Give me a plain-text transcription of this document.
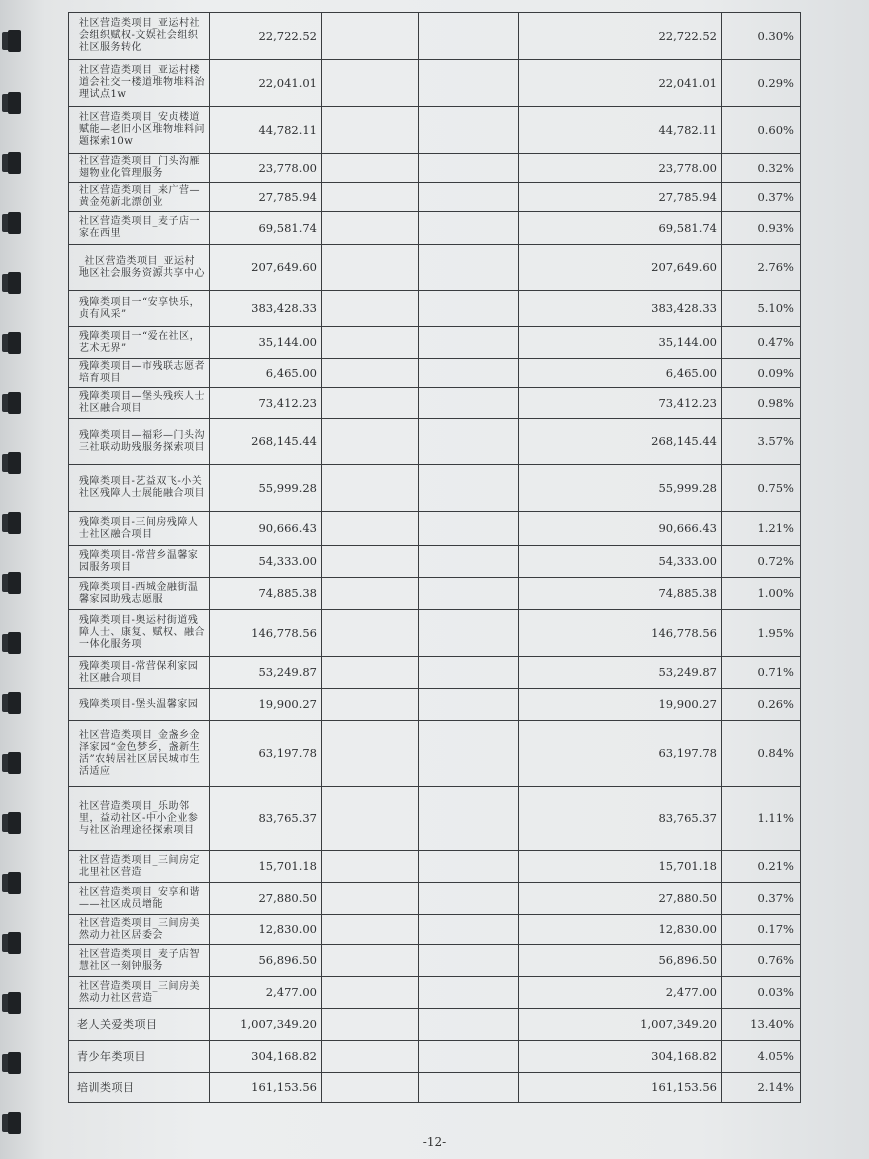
社区营造类项目_亚运村社会组织赋权-文娱社会组织社区服务转化	22,722.52			22,722.52	0.30%
社区营造类项目_亚运村楼道会社交一楼道堆物堆料治理试点1w	22,041.01			22,041.01	0.29%
社区营造类项目_安贞楼道赋能—老旧小区堆物堆料问题探索10w	44,782.11			44,782.11	0.60%
社区营造类项目_门头沟雁翅物业化管理服务	23,778.00			23,778.00	0.32%
社区营造类项目_来广营—黄金苑新北漂创业	27,785.94			27,785.94	0.37%
社区营造类项目_麦子店一家在西里	69,581.74			69,581.74	0.93%
_社区营造类项目_亚运村地区社会服务资源共享中心	207,649.60			207,649.60	2.76%
残障类项目一“安享快乐，贞有风采”	383,428.33			383,428.33	5.10%
残障类项目一“爱在社区，艺术无界”	35,144.00			35,144.00	0.47%
残障类项目—市残联志愿者培育项目	6,465.00			6,465.00	0.09%
残障类项目—堡头残疾人士社区融合项目	73,412.23			73,412.23	0.98%
残障类项目—福彩—门头沟三社联动助残服务探索项目	268,145.44			268,145.44	3.57%
残障类项目-艺益双飞-小关社区残障人士展能融合项目	55,999.28			55,999.28	0.75%
残障类项目-三间房残障人士社区融合项目	90,666.43			90,666.43	1.21%
残障类项目-常营乡温馨家园服务项目	54,333.00			54,333.00	0.72%
残障类项目-西城金融街温馨家园助残志愿服	74,885.38			74,885.38	1.00%
残障类项目-奥运村街道残障人士、康复、赋权、融合一体化服务项	146,778.56			146,778.56	1.95%
残障类项目-常营保利家园社区融合项目	53,249.87			53,249.87	0.71%
残障类项目-堡头温馨家园	19,900.27			19,900.27	0.26%
社区营造类项目_金盏乡金泽家园“金色梦乡，盏新生活”农转居社区居民城市生活适应	63,197.78			63,197.78	0.84%
社区营造类项目_乐助邻里，益动社区-中小企业参与社区治理途径探索项目	83,765.37			83,765.37	1.11%
社区营造类项目_三间房定北里社区营造	15,701.18			15,701.18	0.21%
社区营造类项目_安享和谐——社区成员增能	27,880.50			27,880.50	0.37%
社区营造类项目_三间房美然动力社区居委会	12,830.00			12,830.00	0.17%
社区营造类项目_麦子店智慧社区一刻钟服务	56,896.50			56,896.50	0.76%
社区营造类项目_三间房美然动力社区营造	2,477.00			2,477.00	0.03%
老人关爱类项目	1,007,349.20			1,007,349.20	13.40%
青少年类项目	304,168.82			304,168.82	4.05%
培训类项目	161,153.56			161,153.56	2.14%
-12-
